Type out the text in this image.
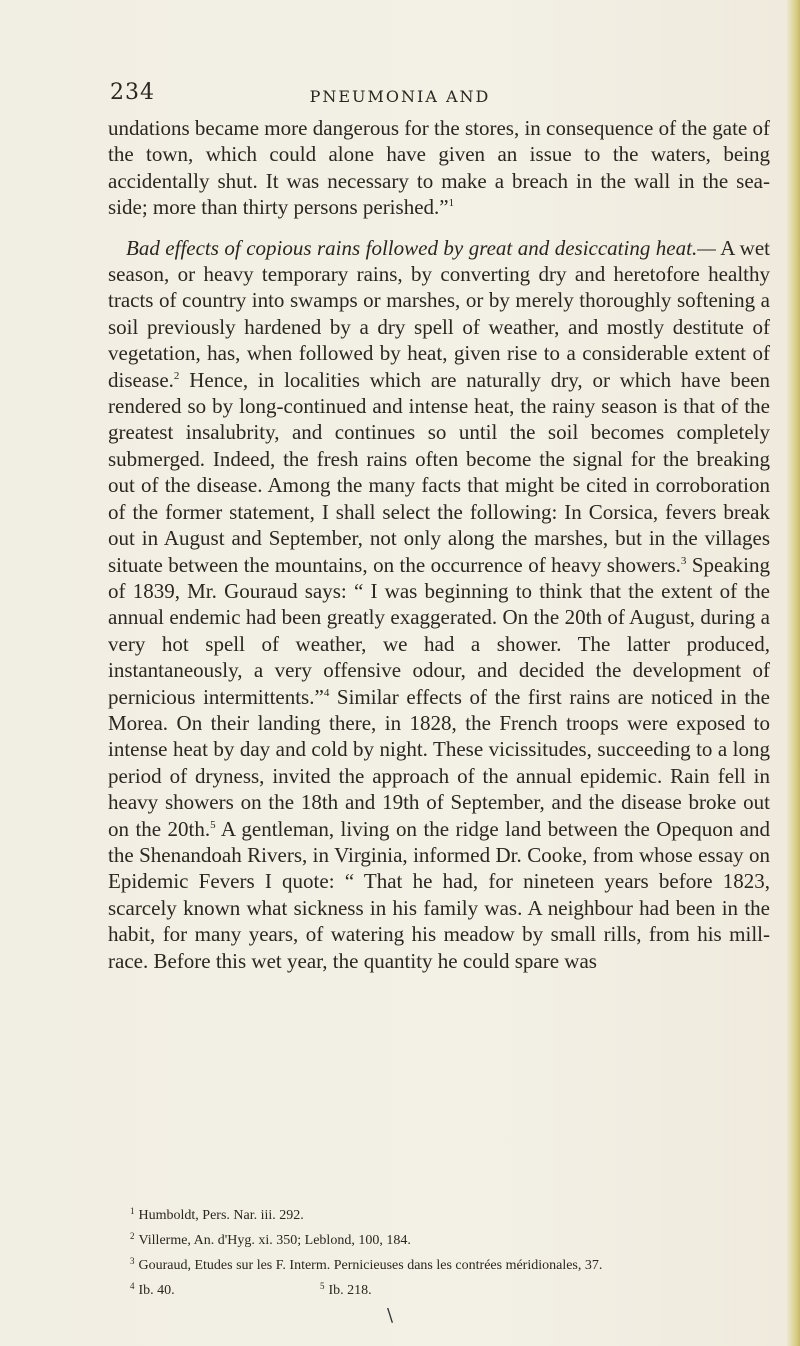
234	PNEUMONIA AND

undations became more dangerous for the stores, in consequence of the gate of the town, which could alone have given an issue to the waters, being accidentally shut. It was necessary to make a breach in the wall in the sea-side; more than thirty persons perished.”$^1$

Bad effects of copious rains followed by great and desiccating heat.— A wet season, or heavy temporary rains, by converting dry and heretofore healthy tracts of country into swamps or marshes, or by merely thoroughly softening a soil previously hardened by a dry spell of weather, and mostly destitute of vegetation, has, when followed by heat, given rise to a considerable extent of disease.$^2$ Hence, in localities which are naturally dry, or which have been rendered so by long-continued and intense heat, the rainy season is that of the greatest insalubrity, and continues so until the soil becomes completely submerged. Indeed, the fresh rains often become the signal for the breaking out of the disease. Among the many facts that might be cited in corroboration of the former statement, I shall select the following: In Corsica, fevers break out in August and September, not only along the marshes, but in the villages situate between the mountains, on the occurrence of heavy showers.$^3$ Speaking of 1839, Mr. Gouraud says: “ I was beginning to think that the extent of the annual endemic had been greatly exaggerated. On the 20th of August, during a very hot spell of weather, we had a shower. The latter produced, instantaneously, a very offensive odour, and decided the development of pernicious intermittents.”$^4$ Similar effects of the first rains are noticed in the Morea. On their landing there, in 1828, the French troops were exposed to intense heat by day and cold by night. These vicissitudes, succeeding to a long period of dryness, invited the approach of the annual epidemic. Rain fell in heavy showers on the 18th and 19th of September, and the disease broke out on the 20th.$^5$ A gentleman, living on the ridge land between the Opequon and the Shenandoah Rivers, in Virginia, informed Dr. Cooke, from whose essay on Epidemic Fevers I quote: “ That he had, for nineteen years before 1823, scarcely known what sickness in his family was. A neighbour had been in the habit, for many years, of watering his meadow by small rills, from his mill-race. Before this wet year, the quantity he could spare was

$^1$ Humboldt, Pers. Nar. iii. 292.
$^2$ Villerme, An. d'Hyg. xi. 350; Leblond, 100, 184.
$^3$ Gouraud, Etudes sur les F. Interm. Pernicieuses dans les contrées méridionales, 37.
$^4$ Ib. 40.	$^5$ Ib. 218.
\
